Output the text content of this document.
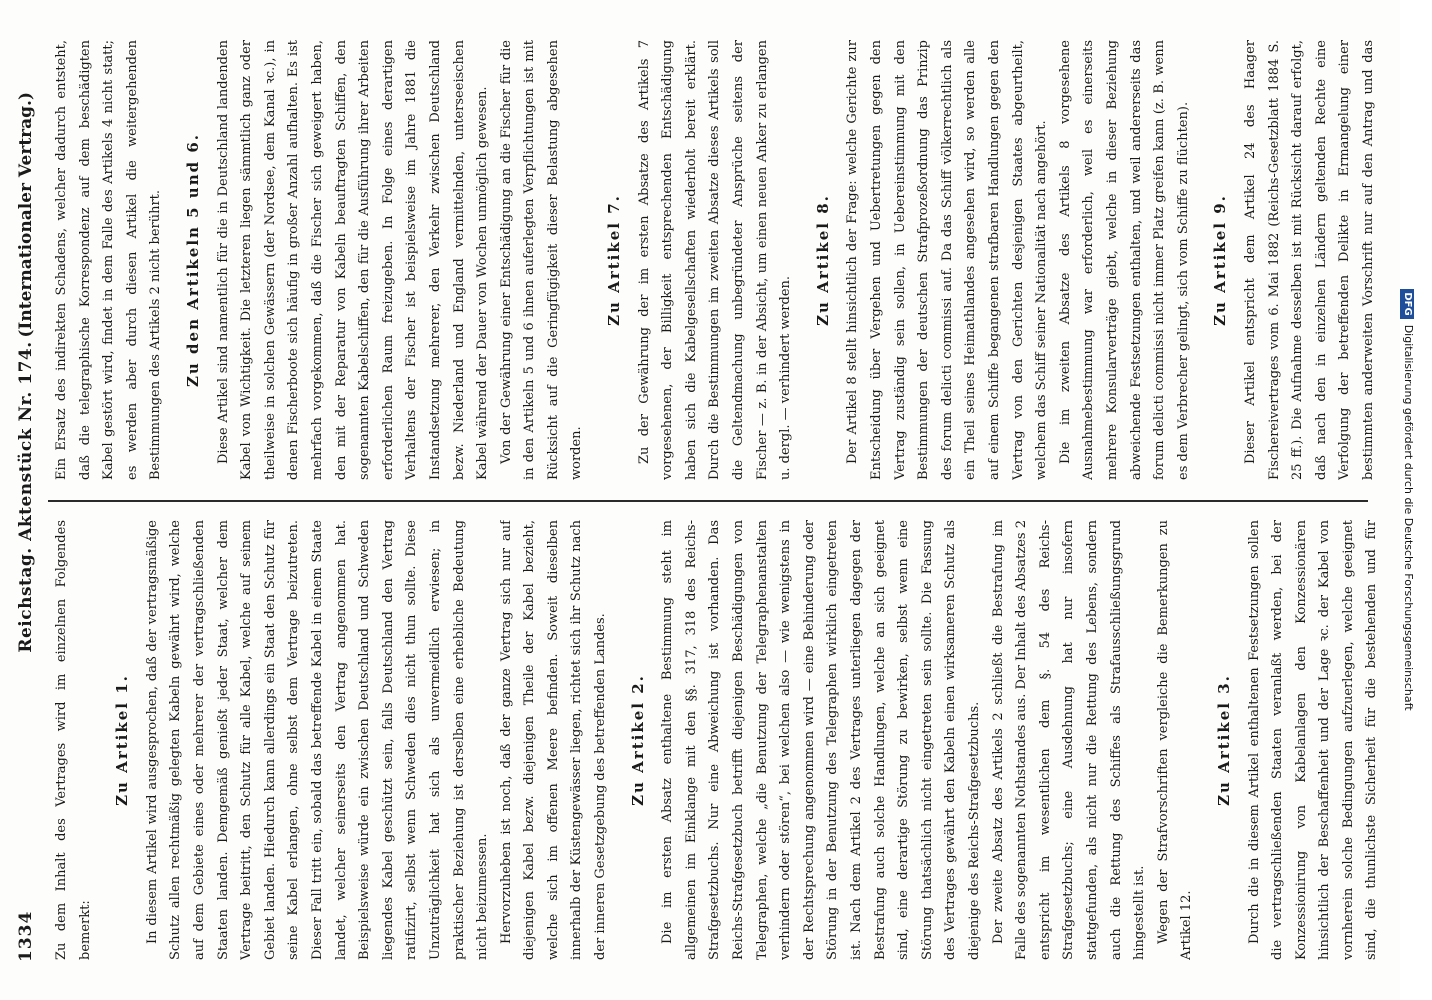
1334
Reichstag. Aktenstück Nr. 174.
(Internationaler Vertrag.)

Zu dem Inhalt des Vertrages wird im einzelnen Folgendes bemerkt:

Zu Artikel 1.	In diesem Artikel wird ausgesprochen, daß der vertragsmäßige Schutz allen rechtmäßig gelegten Kabeln gewährt wird, welche auf dem Gebiete eines oder mehrerer der vertragschließenden Staaten landen. Demgemäß genießt jeder Staat, welcher dem Vertrage beitritt, den Schutz für alle Kabel, welche auf seinem Gebiet landen. Hiedurch kann allerdings ein Staat den Schutz für seine Kabel erlangen, ohne selbst dem Vertrage beizutreten. Dieser Fall tritt ein, sobald das betreffende Kabel in einem Staate landet, welcher seinerseits den Vertrag angenommen hat. Beispielsweise würde ein zwischen Deutschland und Schweden liegendes Kabel geschützt sein, falls Deutschland den Vertrag ratifizirt, selbst wenn Schweden dies nicht thun sollte. Diese Unzuträglichkeit hat sich als unvermeidlich erwiesen; in praktischer Beziehung ist derselben eine erhebliche Bedeutung nicht beizumessen. Hervorzuheben ist noch, daß der ganze Vertrag sich nur auf diejenigen Kabel bezw. diejenigen Theile der Kabel bezieht, welche sich im offenen Meere befinden. Soweit dieselben innerhalb der Küstengewässer liegen, richtet sich ihr Schutz nach der inneren Gesetzgebung des betreffenden Landes.	Zu Artikel 2.	Die im ersten Absatz enthaltene Bestimmung steht im allgemeinen im Einklange mit den §§. 317, 318 des Reichs-Strafgesetzbuchs. Nur eine Abweichung ist vorhanden. Das Reichs-Strafgesetzbuch betrifft diejenigen Beschädigungen von Telegraphen, welche „die Benutzung der Telegraphenanstalten verhindern oder stören“, bei welchen also — wie wenigstens in der Rechtsprechung angenommen wird — eine Behinderung oder Störung in der Benutzung des Telegraphen wirklich eingetreten ist. Nach dem Artikel 2 des Vertrages unterliegen dagegen der Bestrafung auch solche Handlungen, welche an sich geeignet sind, eine derartige Störung zu bewirken, selbst wenn eine Störung thatsächlich nicht eingetreten sein sollte. Die Fassung des Vertrages gewährt den Kabeln einen wirksameren Schutz als diejenige des Reichs-Strafgesetzbuchs. Der zweite Absatz des Artikels 2 schließt die Bestrafung im Falle des sogenannten Nothstandes aus. Der Inhalt des Absatzes 2 entspricht im wesentlichen dem §. 54 des Reichs-Strafgesetzbuchs; eine Ausdehnung hat nur insofern stattgefunden, als nicht nur die Rettung des Lebens, sondern auch die Rettung des Schiffes als Strafausschließungsgrund hingestellt ist. Wegen der Strafvorschriften vergleiche die Bemerkungen zu Artikel 12.

Zu Artikel 3.

Durch die in diesem Artikel enthaltenen Festsetzungen sollen die vertragschließenden Staaten veranlaßt werden, bei der Konzessionirung von Kabelanlagen den Konzessionären hinsichtlich der Beschaffenheit und der Lage ꝛc. der Kabel von vornherein solche Bedingungen aufzuerlegen, welche geeignet sind, die thunlichste Sicherheit für die bestehenden und für

Ein Ersatz des indirekten Schadens, welcher dadurch entsteht, daß die telegraphische Korrespondenz auf dem beschädigten Kabel gestört wird, findet in dem Falle des Artikels 4 nicht statt; es werden aber durch diesen Artikel die weitergehenden Bestimmungen des Artikels 2 nicht berührt.	Zu den Artikeln 5 und 6.	Diese Artikel sind namentlich für die in Deutschland landenden Kabel von Wichtigkeit. Die letzteren liegen sämmtlich ganz oder theilweise in solchen Gewässern (der Nordsee, dem Kanal ꝛc.), in denen Fischerboote sich häufig in großer Anzahl aufhalten. Es ist mehrfach vorgekommen, daß die Fischer sich geweigert haben, den mit der Reparatur von Kabeln beauftragten Schiffen, den sogenannten Kabelschiffen, den für die Ausführung ihrer Arbeiten erforderlichen Raum freizugeben. In Folge eines derartigen Verhaltens der Fischer ist beispielsweise im Jahre 1881 die Instandsetzung mehrerer, den Verkehr zwischen Deutschland bezw. Niederland und England vermittelnden, unterseeischen Kabel während der Dauer von Wochen unmöglich gewesen. Von der Gewährung einer Entschädigung an die Fischer für die in den Artikeln 5 und 6 ihnen auferlegten Verpflichtungen ist mit Rücksicht auf die Geringfügigkeit dieser Belastung abgesehen worden.

Zu Artikel 7.	Zu der Gewährung der im ersten Absatze des Artikels 7 vorgesehenen, der Billigkeit entsprechenden Entschädigung haben sich die Kabelgesellschaften wiederholt bereit erklärt. Durch die Bestimmungen im zweiten Absatze dieses Artikels soll die Geltendmachung unbegründeter Ansprüche seitens der Fischer — z. B. in der Absicht, um einen neuen Anker zu erlangen u. dergl. — verhindert werden.

Zu Artikel 8.	Der Artikel 8 stellt hinsichtlich der Frage: welche Gerichte zur Entscheidung über Vergehen und Uebertretungen gegen den Vertrag zuständig sein sollen, in Uebereinstimmung mit den Bestimmungen der deutschen Strafprozeßordnung das Prinzip des forum delicti commissi auf. Da das Schiff völkerrechtlich als ein Theil seines Heimathlandes angesehen wird, so werden alle auf einem Schiffe begangenen strafbaren Handlungen gegen den Vertrag von den Gerichten desjenigen Staates abgeurtheilt, welchem das Schiff seiner Nationalität nach angehört. Die im zweiten Absatze des Artikels 8 vorgesehene Ausnahmebestimmung war erforderlich, weil es einerseits mehrere Konsularverträge giebt, welche in dieser Beziehung abweichende Festsetzungen enthalten, und weil andererseits das forum delicti commissi nicht immer Platz greifen kann (z. B. wenn es dem Verbrecher gelingt, sich vom Schiffe zu flüchten).	Zu Artikel 9.

Dieser Artikel entspricht dem Artikel 24 des Haager Fischereivertrages vom 6. Mai 1882 (Reichs-Gesetzblatt 1884 S. 25 ff.). Die Aufnahme desselben ist mit Rücksicht darauf erfolgt, daß nach den in einzelnen Ländern geltenden Rechte eine Verfolgung der betreffenden Delikte in Ermangelung einer bestimmten anderweiten Vorschrift nur auf den Antrag und das

DFGDigitalisierung gefördert durch die Deutsche Forschungsgemeinschaft
